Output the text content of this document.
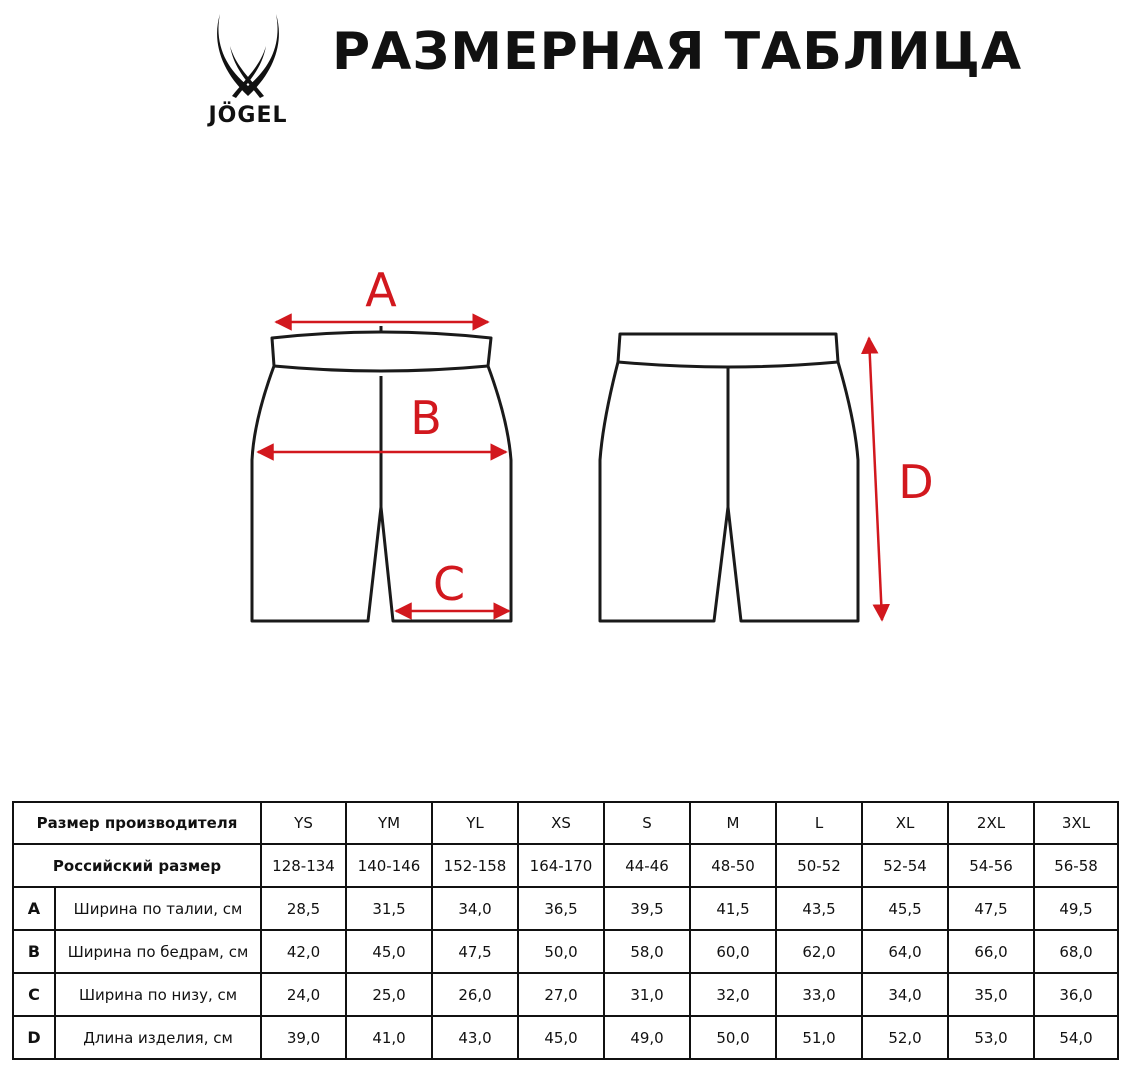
JÖGEL
РАЗМЕРНАЯ ТАБЛИЦА
A
B
C
D
Размер производителя		YS	YM	YL	XS	S	M	L	XL	2XL	3XL
Российский размер		128-134	140-146	152-158	164-170	44-46	48-50	50-52	52-54	54-56	56-58
A	Ширина по талии, см	28,5	31,5	34,0	36,5	39,5	41,5	43,5	45,5	47,5	49,5
B	Ширина по бедрам, см	42,0	45,0	47,5	50,0	58,0	60,0	62,0	64,0	66,0	68,0
C	Ширина по низу, см	24,0	25,0	26,0	27,0	31,0	32,0	33,0	34,0	35,0	36,0
D	Длина изделия, см	39,0	41,0	43,0	45,0	49,0	50,0	51,0	52,0	53,0	54,0
